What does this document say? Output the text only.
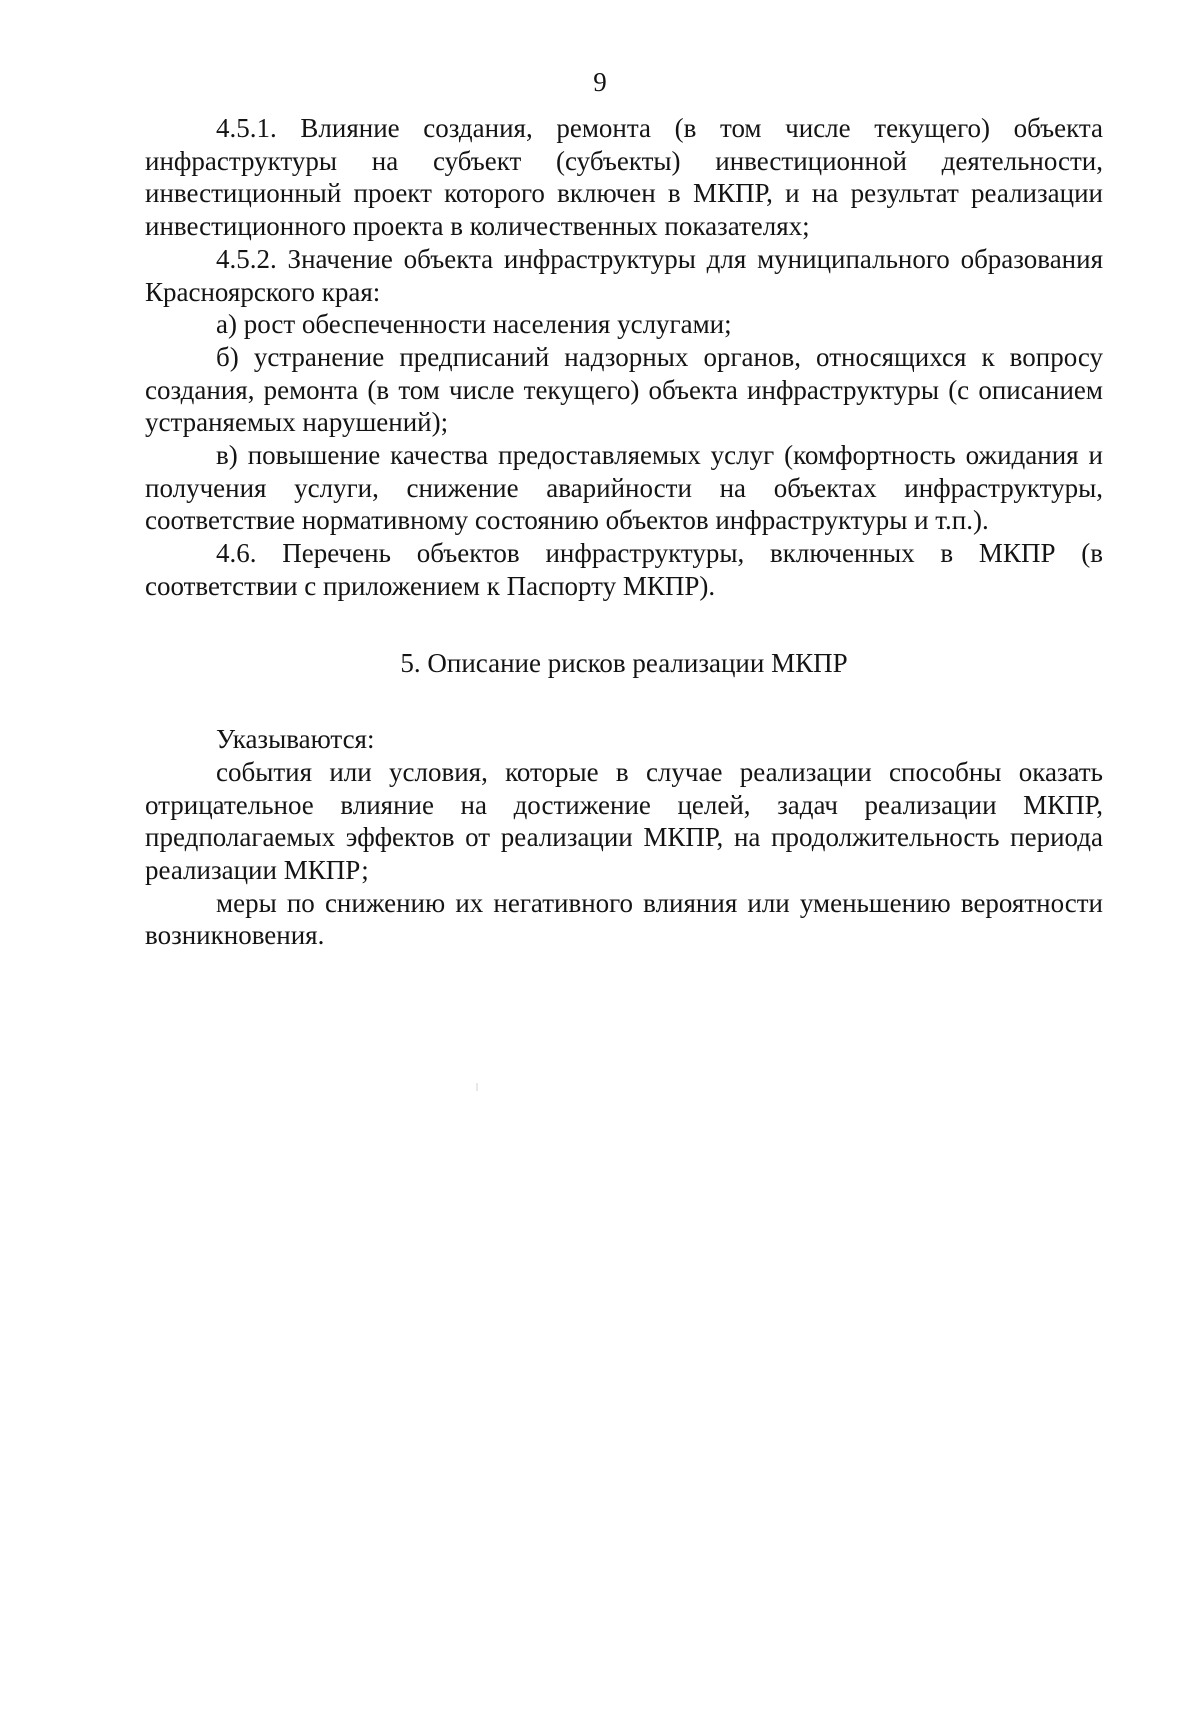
9

4.5.1. Влияние создания, ремонта (в том числе текущего) объекта инфраструктуры на субъект (субъекты) инвестиционной деятельности, инвестиционный проект которого включен в МКПР, и на результат реализации инвестиционного проекта в количественных показателях;

4.5.2. Значение объекта инфраструктуры для муниципального образования Красноярского края:

а) рост обеспеченности населения услугами;

б) устранение предписаний надзорных органов, относящихся к вопросу создания, ремонта (в том числе текущего) объекта инфраструктуры (с описанием устраняемых нарушений);

в) повышение качества предоставляемых услуг (комфортность ожидания и получения услуги, снижение аварийности на объектах инфраструктуры, соответствие нормативному состоянию объектов инфраструктуры и т.п.).

4.6. Перечень объектов инфраструктуры, включенных в МКПР (в соответствии с приложением к Паспорту МКПР).

5. Описание рисков реализации МКПР

Указываются:

события или условия, которые в случае реализации способны оказать отрицательное влияние на достижение целей, задач реализации МКПР, предполагаемых эффектов от реализации МКПР, на продолжительность периода реализации МКПР;

меры по снижению их негативного влияния или уменьшению вероятности возникновения.
